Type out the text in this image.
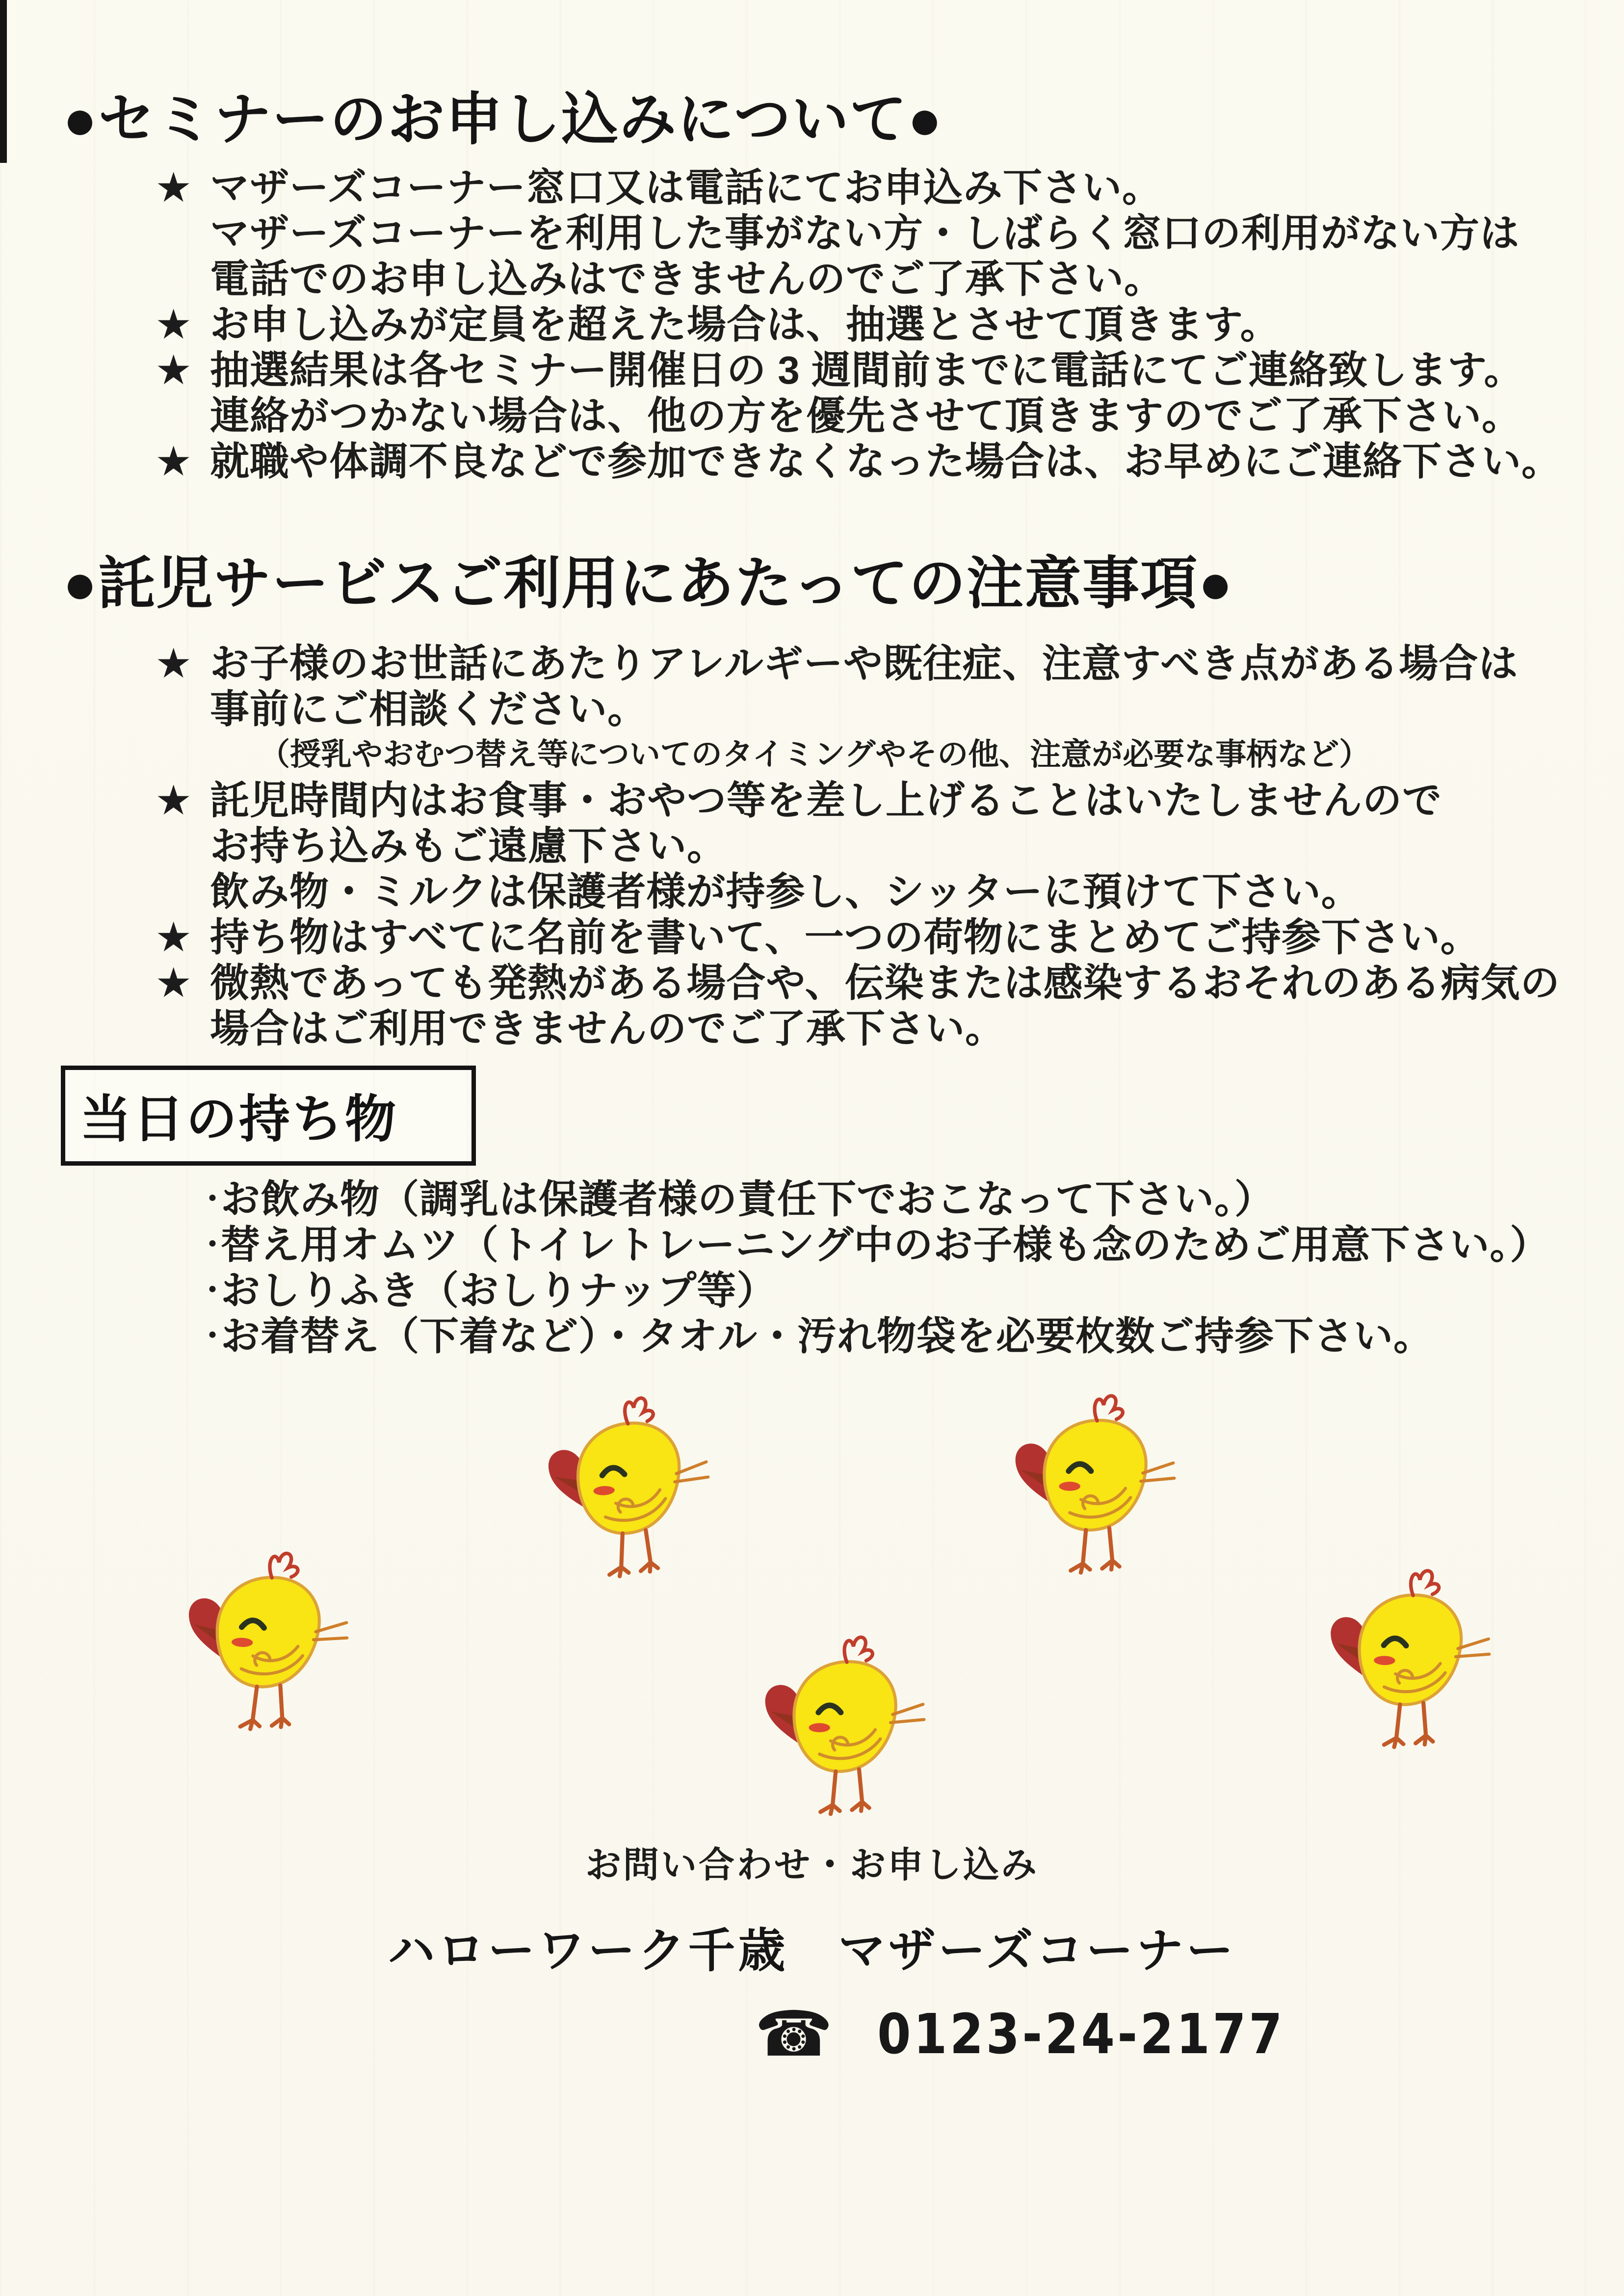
●セミナーのお申し込みについて●
★ マザーズコーナー窓口又は電話にてお申込み下さい。
マザーズコーナーを利用した事がない方・しばらく窓口の利用がない方は
電話でのお申し込みはできませんのでご了承下さい。
★ お申し込みが定員を超えた場合は、抽選とさせて頂きます。
★ 抽選結果は各セミナー開催日の 3 週間前までに電話にてご連絡致します。
連絡がつかない場合は、他の方を優先させて頂きますのでご了承下さい。
★ 就職や体調不良などで参加できなくなった場合は、お早めにご連絡下さい。
●託児サービスご利用にあたっての注意事項●
★ お子様のお世話にあたりアレルギーや既往症、注意すべき点がある場合は
事前にご相談ください。
（授乳やおむつ替え等についてのタイミングやその他、注意が必要な事柄など）
★ 託児時間内はお食事・おやつ等を差し上げることはいたしませんので
お持ち込みもご遠慮下さい。
飲み物・ミルクは保護者様が持参し、シッターに預けて下さい。
★ 持ち物はすべてに名前を書いて、一つの荷物にまとめてご持参下さい。
★ 微熱であっても発熱がある場合や、伝染または感染するおそれのある病気の
場合はご利用できませんのでご了承下さい。
当日の持ち物
・
お飲み物（調乳は保護者様の責任下でおこなって下さい。）
・
替え用オムツ（トイレトレーニング中のお子様も念のためご用意下さい。）
・
おしりふき（おしりナップ等）
・
お着替え（下着など）・タオル・汚れ物袋を必要枚数ご持参下さい。
お問い合わせ・お申し込み
ハローワーク千歳　マザーズコーナー
☎ 0123-24-2177
